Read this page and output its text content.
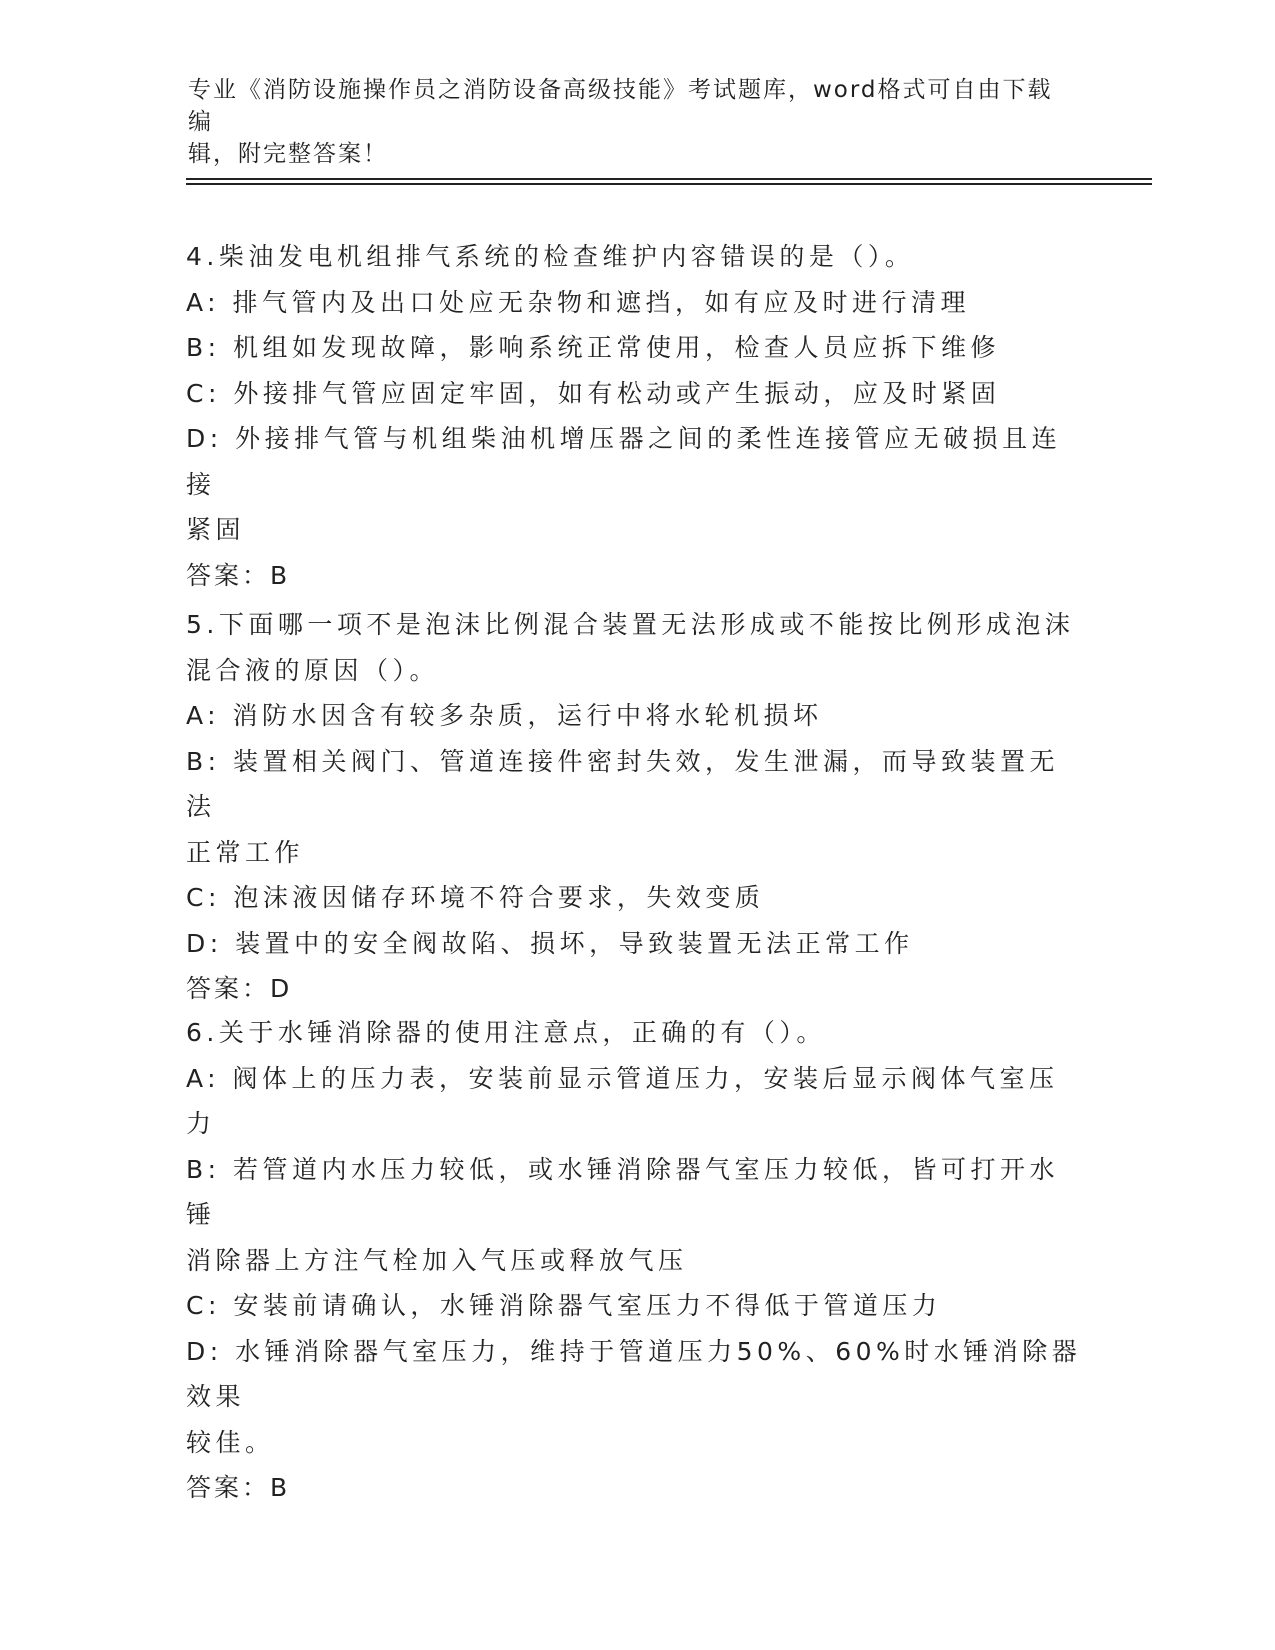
专业《消防设施操作员之消防设备高级技能》考试题库，word格式可自由下载编
辑，附完整答案！
4.柴油发电机组排气系统的检查维护内容错误的是（）。
A: 排气管内及出口处应无杂物和遮挡，如有应及时进行清理
B: 机组如发现故障，影响系统正常使用，检查人员应拆下维修
C: 外接排气管应固定牢固，如有松动或产生振动，应及时紧固
D: 外接排气管与机组柴油机增压器之间的柔性连接管应无破损且连接
紧固
答案：B
5.下面哪一项不是泡沫比例混合装置无法形成或不能按比例形成泡沫
混合液的原因（）。
A: 消防水因含有较多杂质，运行中将水轮机损坏
B: 装置相关阀门、管道连接件密封失效，发生泄漏，而导致装置无法
正常工作
C: 泡沫液因储存环境不符合要求，失效变质
D: 装置中的安全阀故陷、损坏，导致装置无法正常工作
答案：D
6.关于水锤消除器的使用注意点，正确的有（）。
A: 阀体上的压力表，安装前显示管道压力，安装后显示阀体气室压力
B: 若管道内水压力较低，或水锤消除器气室压力较低，皆可打开水锤
消除器上方注气栓加入气压或释放气压
C: 安装前请确认，水锤消除器气室压力不得低于管道压力
D: 水锤消除器气室压力，维持于管道压力50%、60%时水锤消除器效果
较佳。
答案：B
